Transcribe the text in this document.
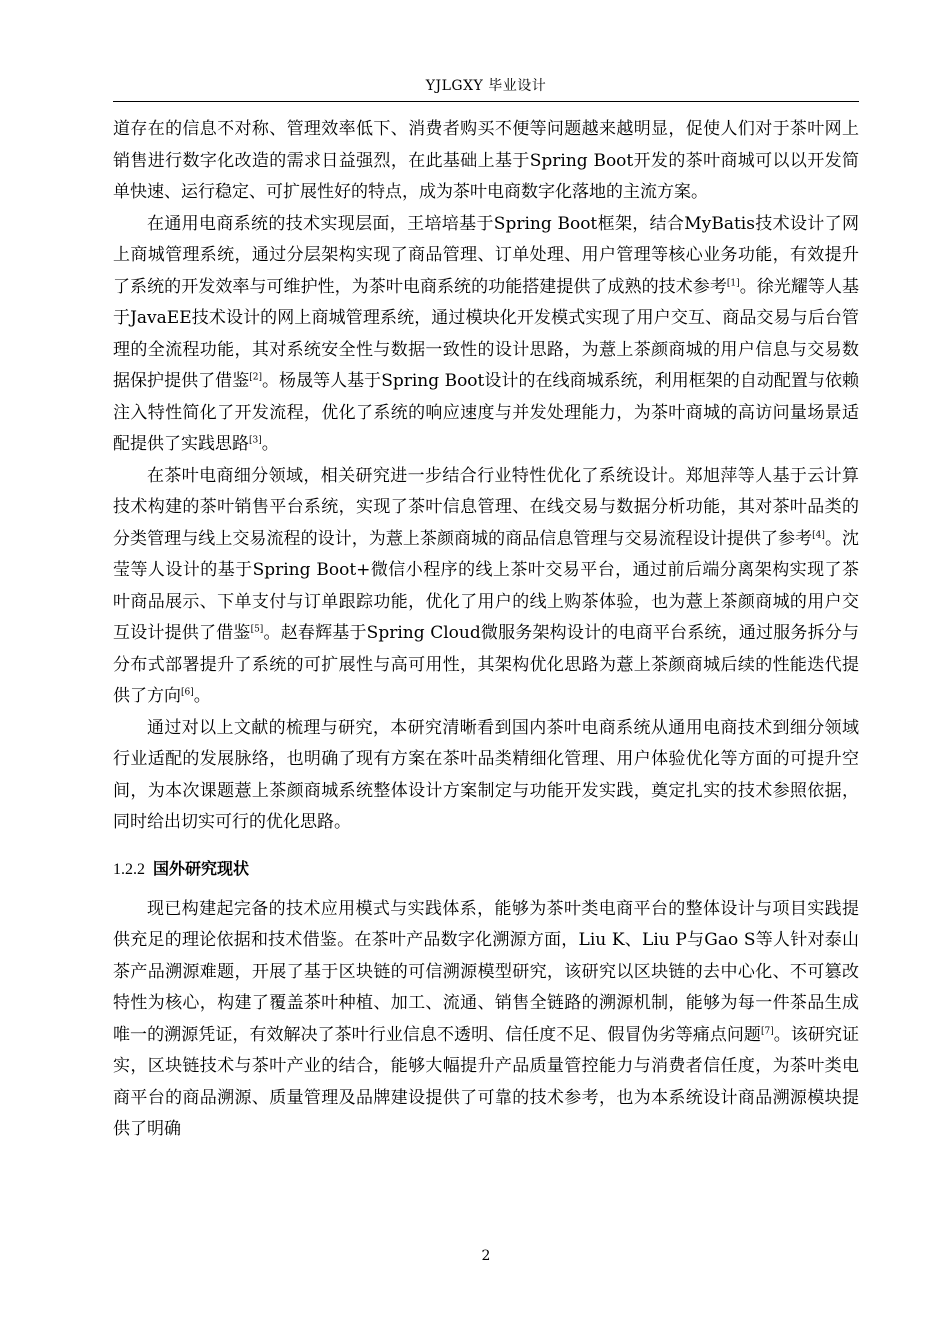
YJLGXY 毕业设计

道存在的信息不对称、管理效率低下、消费者购买不便等问题越来越明显，促使人们对于茶叶网上销售进行数字化改造的需求日益强烈，在此基础上基于Spring Boot开发的茶叶商城可以以开发简单快速、运行稳定、可扩展性好的特点，成为茶叶电商数字化落地的主流方案。

在通用电商系统的技术实现层面，王培培基于Spring Boot框架，结合MyBatis技术设计了网上商城管理系统，通过分层架构实现了商品管理、订单处理、用户管理等核心业务功能，有效提升了系统的开发效率与可维护性，为茶叶电商系统的功能搭建提供了成熟的技术参考[1]。徐光耀等人基于JavaEE技术设计的网上商城管理系统，通过模块化开发模式实现了用户交互、商品交易与后台管理的全流程功能，其对系统安全性与数据一致性的设计思路，为薏上茶颜商城的用户信息与交易数据保护提供了借鉴[2]。杨晟等人基于Spring Boot设计的在线商城系统，利用框架的自动配置与依赖注入特性简化了开发流程，优化了系统的响应速度与并发处理能力，为茶叶商城的高访问量场景适配提供了实践思路[3]。

在茶叶电商细分领域，相关研究进一步结合行业特性优化了系统设计。郑旭萍等人基于云计算技术构建的茶叶销售平台系统，实现了茶叶信息管理、在线交易与数据分析功能，其对茶叶品类的分类管理与线上交易流程的设计，为薏上茶颜商城的商品信息管理与交易流程设计提供了参考[4]。沈莹等人设计的基于Spring Boot+微信小程序的线上茶叶交易平台，通过前后端分离架构实现了茶叶商品展示、下单支付与订单跟踪功能，优化了用户的线上购茶体验，也为薏上茶颜商城的用户交互设计提供了借鉴[5]。赵春辉基于Spring Cloud微服务架构设计的电商平台系统，通过服务拆分与分布式部署提升了系统的可扩展性与高可用性，其架构优化思路为薏上茶颜商城后续的性能迭代提供了方向[6]。

通过对以上文献的梳理与研究，本研究清晰看到国内茶叶电商系统从通用电商技术到细分领域行业适配的发展脉络，也明确了现有方案在茶叶品类精细化管理、用户体验优化等方面的可提升空间，为本次课题薏上茶颜商城系统整体设计方案制定与功能开发实践，奠定扎实的技术参照依据，同时给出切实可行的优化思路。

1.2.2 国外研究现状

现已构建起完备的技术应用模式与实践体系，能够为茶叶类电商平台的整体设计与项目实践提供充足的理论依据和技术借鉴。在茶叶产品数字化溯源方面，Liu K、Liu P与Gao S等人针对泰山茶产品溯源难题，开展了基于区块链的可信溯源模型研究，该研究以区块链的去中心化、不可篡改特性为核心，构建了覆盖茶叶种植、加工、流通、销售全链路的溯源机制，能够为每一件茶品生成唯一的溯源凭证，有效解决了茶叶行业信息不透明、信任度不足、假冒伪劣等痛点问题[7]。该研究证实，区块链技术与茶叶产业的结合，能够大幅提升产品质量管控能力与消费者信任度，为茶叶类电商平台的商品溯源、质量管理及品牌建设提供了可靠的技术参考，也为本系统设计商品溯源模块提供了明确

2
